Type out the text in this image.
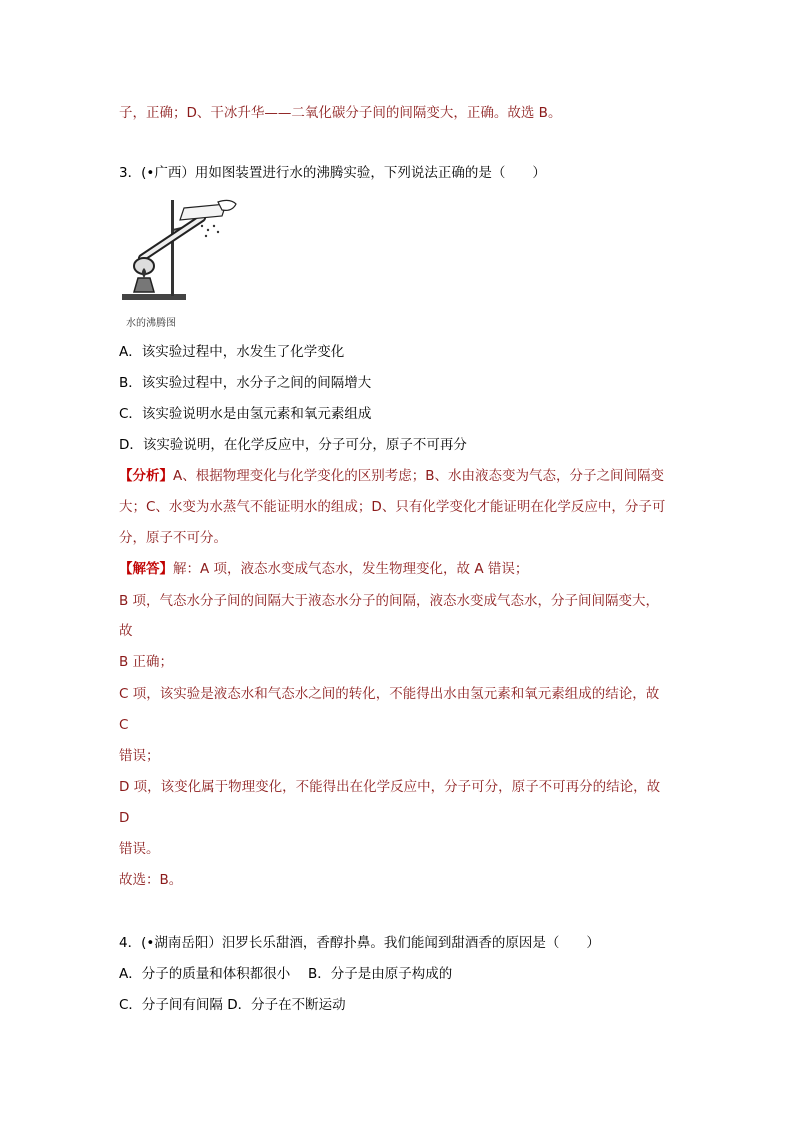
子，正确；D、干冰升华——二氧化碳分子间的间隔变大，正确。故选 B。
3．(•广西）用如图装置进行水的沸腾实验，下列说法正确的是（　　）
水的沸腾图
A．该实验过程中，水发生了化学变化
B．该实验过程中，水分子之间的间隔增大
C．该实验说明水是由氢元素和氧元素组成
D．该实验说明，在化学反应中，分子可分，原子不可再分
【分析】A、根据物理变化与化学变化的区别考虑；B、水由液态变为气态，分子之间间隔变
大；C、水变为水蒸气不能证明水的组成；D、只有化学变化才能证明在化学反应中，分子可
分，原子不可分。
【解答】解：A 项，液态水变成气态水，发生物理变化，故 A 错误；
B 项，气态水分子间的间隔大于液态水分子的间隔，液态水变成气态水，分子间间隔变大，
故
B 正确；
C 项，该实验是液态水和气态水之间的转化，不能得出水由氢元素和氧元素组成的结论，故
C
错误；
D 项，该变化属于物理变化，不能得出在化学反应中，分子可分，原子不可再分的结论，故
D
错误。
故选：B。
4．(•湖南岳阳）汨罗长乐甜酒，香醇扑鼻。我们能闻到甜酒香的原因是（　　）
A．分子的质量和体积都很小　 B．分子是由原子构成的
C．分子间有间隔 D．分子在不断运动
